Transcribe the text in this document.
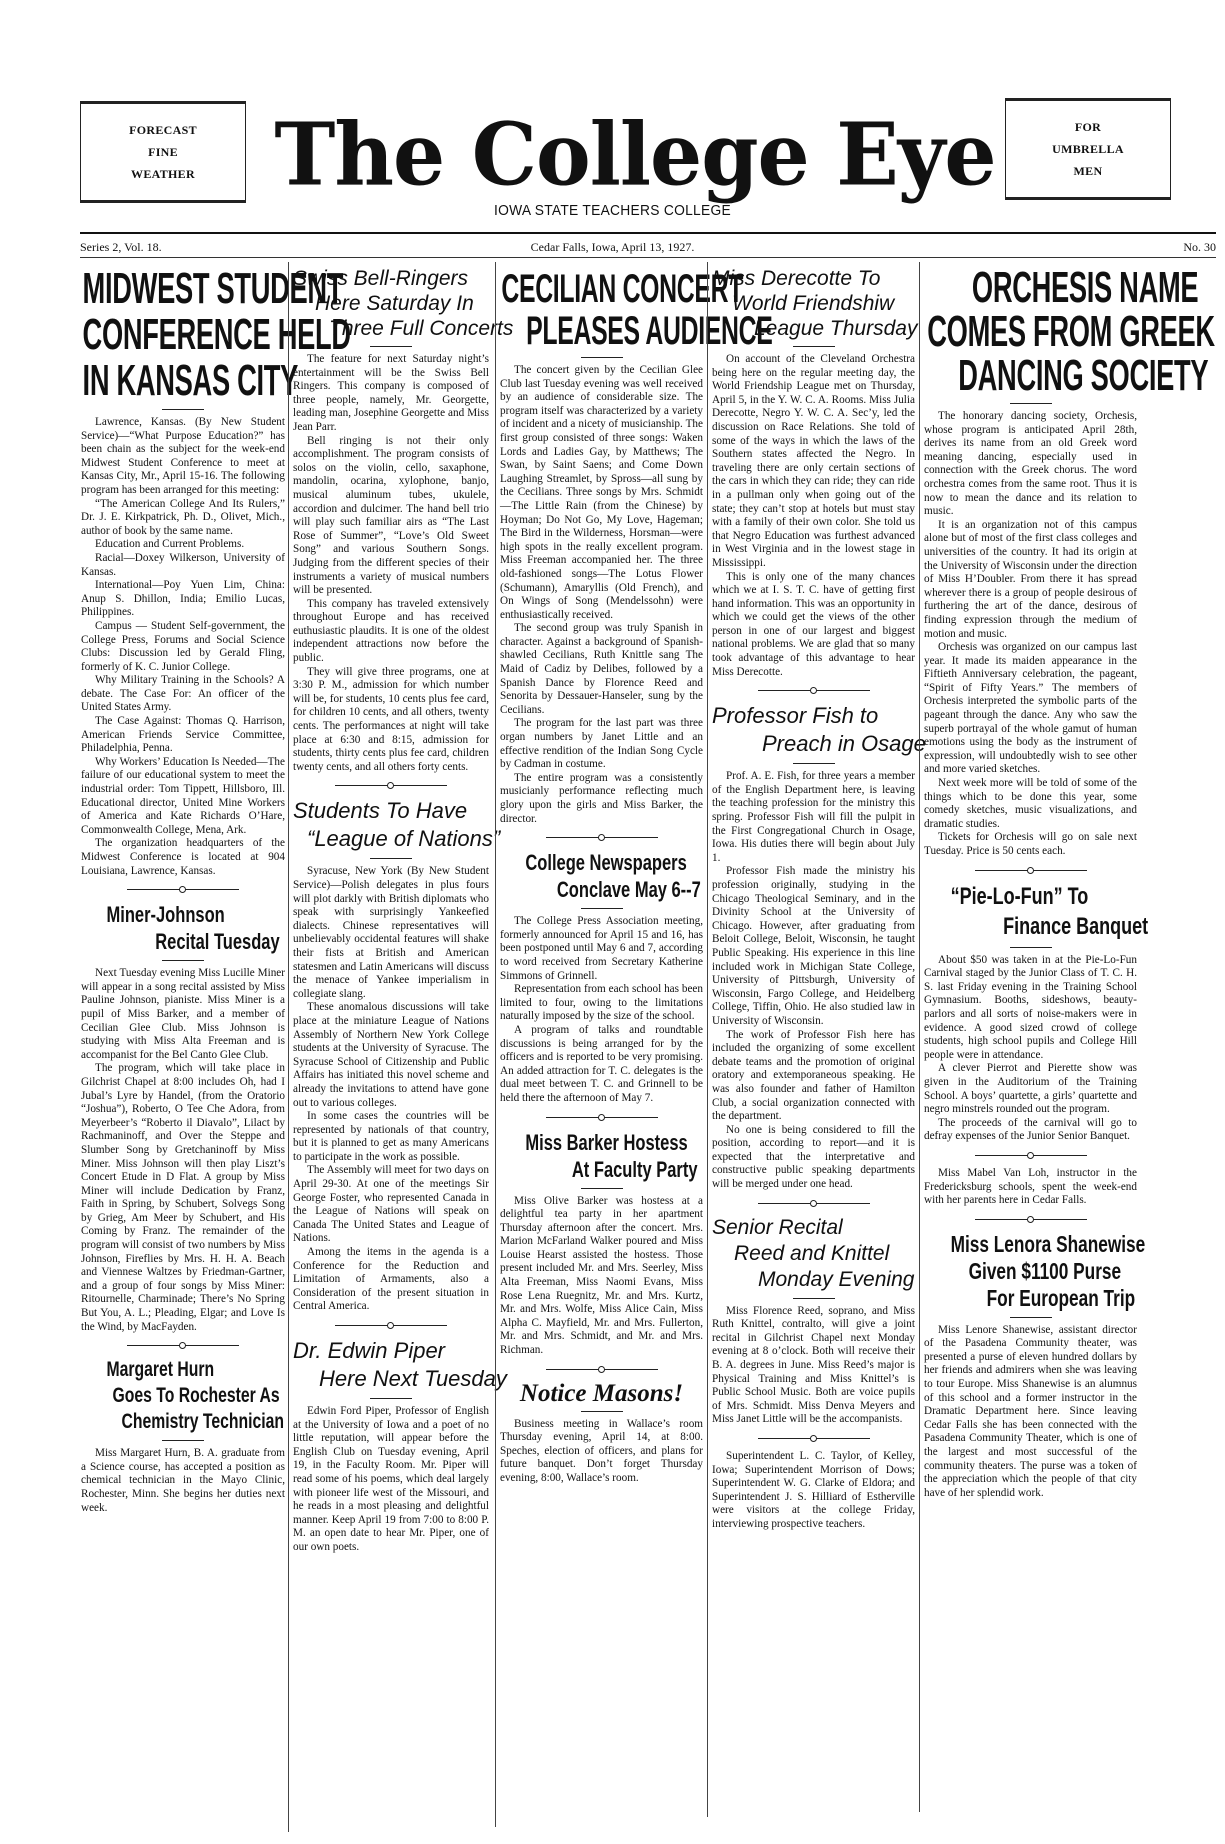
FORECAST
FINE
WEATHER The College Eye	FOR
UMBRELLA
MEN
IOWA STATE TEACHERS COLLEGE
Series 2, Vol. 18.	Cedar Falls, Iowa, April 13, 1927.	No. 30
MIDWEST STUDENT
CONFERENCE HELD
IN KANSAS CITY

Lawrence, Kansas. (By New Student Service)—“What Purpose Education?” has been chain as the subject for the week-end Midwest Student Conference to meet at Kansas City, Mr., April 15-16. The following program has been arranged for this meeting:

“The American College And Its Rulers,” Dr. J. E. Kirkpatrick, Ph. D., Olivet, Mich., author of book by the same name.

Education and Current Problems.

Racial—Doxey Wilkerson, University of Kansas.

International—Poy Yuen Lim, China: Anup S. Dhillon, India; Emilio Lucas, Philippines.

Campus — Student Self-government, the College Press, Forums and Social Science Clubs: Discussion led by Gerald Fling, formerly of K. C. Junior College.

Why Military Training in the Schools? A debate. The Case For: An officer of the United States Army.

The Case Against: Thomas Q. Harrison, American Friends Service Committee, Philadelphia, Penna.

Why Workers’ Education Is Needed—The failure of our educational system to meet the industrial order: Tom Tippett, Hillsboro, Ill. Educational director, United Mine Workers of America and Kate Richards O’Hare, Commonwealth College, Mena, Ark.

The organization headquarters of the Midwest Conference is located at 904 Louisiana, Lawrence, Kansas.

Miner-Johnson
Recital Tuesday

Next Tuesday evening Miss Lucille Miner will appear in a song recital assisted by Miss Pauline Johnson, pianiste. Miss Miner is a pupil of Miss Barker, and a member of Cecilian Glee Club. Miss Johnson is studying with Miss Alta Freeman and is accompanist for the Bel Canto Glee Club.

The program, which will take place in Gilchrist Chapel at 8:00 includes Oh, had I Jubal’s Lyre by Handel, (from the Oratorio “Joshua”), Roberto, O Tee Che Adora, from Meyerbeer’s “Roberto il Diavalo”, Lilact by Rachmaninoff, and Over the Steppe and Slumber Song by Gretchaninoff by Miss Miner. Miss Johnson will then play Liszt’s Concert Etude in D Flat. A group by Miss Miner will include Dedication by Franz, Faith in Spring, by Schubert, Solvegs Song by Grieg, Am Meer by Schubert, and His Coming by Franz. The remainder of the program will consist of two numbers by Miss Johnson, Fireflies by Mrs. H. H. A. Beach and Viennese Waltzes by Friedman-Gartner, and a group of four songs by Miss Miner: Ritournelle, Charminade; There’s No Spring But You, A. L.; Pleading, Elgar; and Love Is the Wind, by MacFayden.

Margaret Hurn
Goes To Rochester As
Chemistry Technician

Miss Margaret Hurn, B. A. graduate from a Science course, has accepted a position as chemical technician in the Mayo Clinic, Rochester, Minn. She begins her duties next week.

Swiss Bell-Ringers
Here Saturday In
Three Full Concerts

The feature for next Saturday night’s entertainment will be the Swiss Bell Ringers. This company is composed of three people, namely, Mr. Georgette, leading man, Josephine Georgette and Miss Jean Parr.

Bell ringing is not their only accomplishment. The program consists of solos on the violin, cello, saxaphone, mandolin, ocarina, xylophone, banjo, musical aluminum tubes, ukulele, accordion and dulcimer. The hand bell trio will play such familiar airs as “The Last Rose of Summer”, “Love’s Old Sweet Song” and various Southern Songs. Judging from the different species of their instruments a variety of musical numbers will be presented.

This company has traveled extensively throughout Europe and has received euthusiastic plaudits. It is one of the oldest independent attractions now before the public.

They will give three programs, one at 3:30 P. M., admission for which number will be, for students, 10 cents plus fee card, for children 10 cents, and all others, twenty cents. The performances at night will take place at 6:30 and 8:15, admission for students, thirty cents plus fee card, children twenty cents, and all others forty cents.

Students To Have
“League of Nations”

Syracuse, New York (By New Student Service)—Polish delegates in plus fours will plot darkly with British diplomats who speak with surprisingly Yankeefied dialects. Chinese representatives will unbelievably occidental features will shake their fists at British and American statesmen and Latin Americans will discuss the menace of Yankee imperialism in collegiate slang.

These anomalous discussions will take place at the miniature League of Nations Assembly of Northern New York College students at the University of Syracuse. The Syracuse School of Citizenship and Public Affairs has initiated this novel scheme and already the invitations to attend have gone out to various colleges.

In some cases the countries will be represented by nationals of that country, but it is planned to get as many Americans to participate in the work as possible.

The Assembly will meet for two days on April 29-30. At one of the meetings Sir George Foster, who represented Canada in the League of Nations will speak on Canada The United States and League of Nations.

Among the items in the agenda is a Conference for the Reduction and Limitation of Armaments, also a Consideration of the present situation in Central America.

Dr. Edwin Piper
Here Next Tuesday

Edwin Ford Piper, Professor of English at the University of Iowa and a poet of no little reputation, will appear before the English Club on Tuesday evening, April 19, in the Faculty Room. Mr. Piper will read some of his poems, which deal largely with pioneer life west of the Missouri, and he reads in a most pleasing and delightful manner. Keep April 19 from 7:00 to 8:00 P. M. an open date to hear Mr. Piper, one of our own poets.

CECILIAN CONCERT
PLEASES AUDIENCE

The concert given by the Cecilian Glee Club last Tuesday evening was well received by an audience of considerable size. The program itself was characterized by a variety of incident and a nicety of musicianship. The first group consisted of three songs: Waken Lords and Ladies Gay, by Matthews; The Swan, by Saint Saens; and Come Down Laughing Streamlet, by Spross—all sung by the Cecilians. Three songs by Mrs. Schmidt—The Little Rain (from the Chinese) by Hoyman; Do Not Go, My Love, Hageman; The Bird in the Wilderness, Horsman—were high spots in the really excellent program. Miss Freeman accompanied her. The three old-fashioned songs—The Lotus Flower (Schumann), Amaryllis (Old French), and On Wings of Song (Mendelssohn) were enthusiastically received.

The second group was truly Spanish in character. Against a background of Spanish-shawled Cecilians, Ruth Knittle sang The Maid of Cadiz by Delibes, followed by a Spanish Dance by Florence Reed and Senorita by Dessauer-Hanseler, sung by the Cecilians.

The program for the last part was three organ numbers by Janet Little and an effective rendition of the Indian Song Cycle by Cadman in costume.

The entire program was a consistently musicianly performance reflecting much glory upon the girls and Miss Barker, the director.

College Newspapers
Conclave May 6--7

The College Press Association meeting, formerly announced for April 15 and 16, has been postponed until May 6 and 7, according to word received from Secretary Katherine Simmons of Grinnell.

Representation from each school has been limited to four, owing to the limitations naturally imposed by the size of the school.

A program of talks and roundtable discussions is being arranged for by the officers and is reported to be very promising. An added attraction for T. C. delegates is the dual meet between T. C. and Grinnell to be held there the afternoon of May 7.

Miss Barker Hostess
At Faculty Party

Miss Olive Barker was hostess at a delightful tea party in her apartment Thursday afternoon after the concert. Mrs. Marion McFarland Walker poured and Miss Louise Hearst assisted the hostess. Those present included Mr. and Mrs. Seerley, Miss Alta Freeman, Miss Naomi Evans, Miss Rose Lena Ruegnitz, Mr. and Mrs. Kurtz, Mr. and Mrs. Wolfe, Miss Alice Cain, Miss Alpha C. Mayfield, Mr. and Mrs. Fullerton, Mr. and Mrs. Schmidt, and Mr. and Mrs. Richman.

Notice Masons!

Business meeting in Wallace’s room Thursday evening, April 14, at 8:00. Speches, election of officers, and plans for future banquet. Don’t forget Thursday evening, 8:00, Wallace’s room.

Miss Derecotte To
World Friendshiw
League Thursday

On account of the Cleveland Orchestra being here on the regular meeting day, the World Friendship League met on Thursday, April 5, in the Y. W. C. A. Rooms. Miss Julia Derecotte, Negro Y. W. C. A. Sec’y, led the discussion on Race Relations. She told of some of the ways in which the laws of the Southern states affected the Negro. In traveling there are only certain sections of the cars in which they can ride; they can ride in a pullman only when going out of the state; they can’t stop at hotels but must stay with a family of their own color. She told us that Negro Education was furthest advanced in West Virginia and in the lowest stage in Mississippi.

This is only one of the many chances which we at I. S. T. C. have of getting first hand information. This was an opportunity in which we could get the views of the other person in one of our largest and biggest national problems. We are glad that so many took advantage of this advantage to hear Miss Derecotte.

Professor Fish to
Preach in Osage

Prof. A. E. Fish, for three years a member of the English Department here, is leaving the teaching profession for the ministry this spring. Professor Fish will fill the pulpit in the First Congregational Church in Osage, Iowa. His duties there will begin about July 1.

Professor Fish made the ministry his profession originally, studying in the Chicago Theological Seminary, and in the Divinity School at the University of Chicago. However, after graduating from Beloit College, Beloit, Wisconsin, he taught Public Speaking. His experience in this line included work in Michigan State College, University of Pittsburgh, University of Wisconsin, Fargo College, and Heidelberg College, Tiffin, Ohio. He also studied law in University of Wisconsin.

The work of Professor Fish here has included the organizing of some excellent debate teams and the promotion of original oratory and extemporaneous speaking. He was also founder and father of Hamilton Club, a social organization connected with the department.

No one is being considered to fill the position, according to report—and it is expected that the interpretative and constructive public speaking departments will be merged under one head.

Senior Recital
Reed and Knittel
Monday Evening

Miss Florence Reed, soprano, and Miss Ruth Knittel, contralto, will give a joint recital in Gilchrist Chapel next Monday evening at 8 o’clock. Both will receive their B. A. degrees in June. Miss Reed’s major is Physical Training and Miss Knittel’s is Public School Music. Both are voice pupils of Mrs. Schmidt. Miss Denva Meyers and Miss Janet Little will be the accompanists.

Superintendent L. C. Taylor, of Kelley, Iowa; Superintendent Morrison of Dows; Superintendent W. G. Clarke of Eldora; and Superintendent J. S. Hilliard of Estherville were visitors at the college Friday, interviewing prospective teachers.

ORCHESIS NAME
COMES FROM GREEK
DANCING SOCIETY

The honorary dancing society, Orchesis, whose program is anticipated April 28th, derives its name from an old Greek word meaning dancing, especially used in connection with the Greek chorus. The word orchestra comes from the same root. Thus it is now to mean the dance and its relation to music.

It is an organization not of this campus alone but of most of the first class colleges and universities of the country. It had its origin at the University of Wisconsin under the direction of Miss H’Doubler. From there it has spread wherever there is a group of people desirous of furthering the art of the dance, desirous of finding expression through the medium of motion and music.

Orchesis was organized on our campus last year. It made its maiden appearance in the Fiftieth Anniversary celebration, the pageant, “Spirit of Fifty Years.” The members of Orchesis interpreted the symbolic parts of the pageant through the dance. Any who saw the superb portrayal of the whole gamut of human emotions using the body as the instrument of expression, will undoubtedly wish to see other and more varied sketches.

Next week more will be told of some of the things which to be done this year, some comedy sketches, music visualizations, and dramatic studies.

Tickets for Orchesis will go on sale next Tuesday. Price is 50 cents each.

“Pie-Lo-Fun” To
Finance Banquet

About $50 was taken in at the Pie-Lo-Fun Carnival staged by the Junior Class of T. C. H. S. last Friday evening in the Training School Gymnasium. Booths, sideshows, beauty-parlors and all sorts of noise-makers were in evidence. A good sized crowd of college students, high school pupils and College Hill people were in attendance.

A clever Pierrot and Pierette show was given in the Auditorium of the Training School. A boys’ quartette, a girls’ quartette and negro minstrels rounded out the program.

The proceeds of the carnival will go to defray expenses of the Junior Senior Banquet.

Miss Mabel Van Loh, instructor in the Fredericksburg schools, spent the week-end with her parents here in Cedar Falls.

Miss Lenora Shanewise
Given $1100 Purse
For European Trip

Miss Lenore Shanewise, assistant director of the Pasadena Community theater, was presented a purse of eleven hundred dollars by her friends and admirers when she was leaving to tour Europe. Miss Shanewise is an alumnus of this school and a former instructor in the Dramatic Department here. Since leaving Cedar Falls she has been connected with the Pasadena Community Theater, which is one of the largest and most successful of the community theaters. The purse was a token of the appreciation which the people of that city have of her splendid work.
